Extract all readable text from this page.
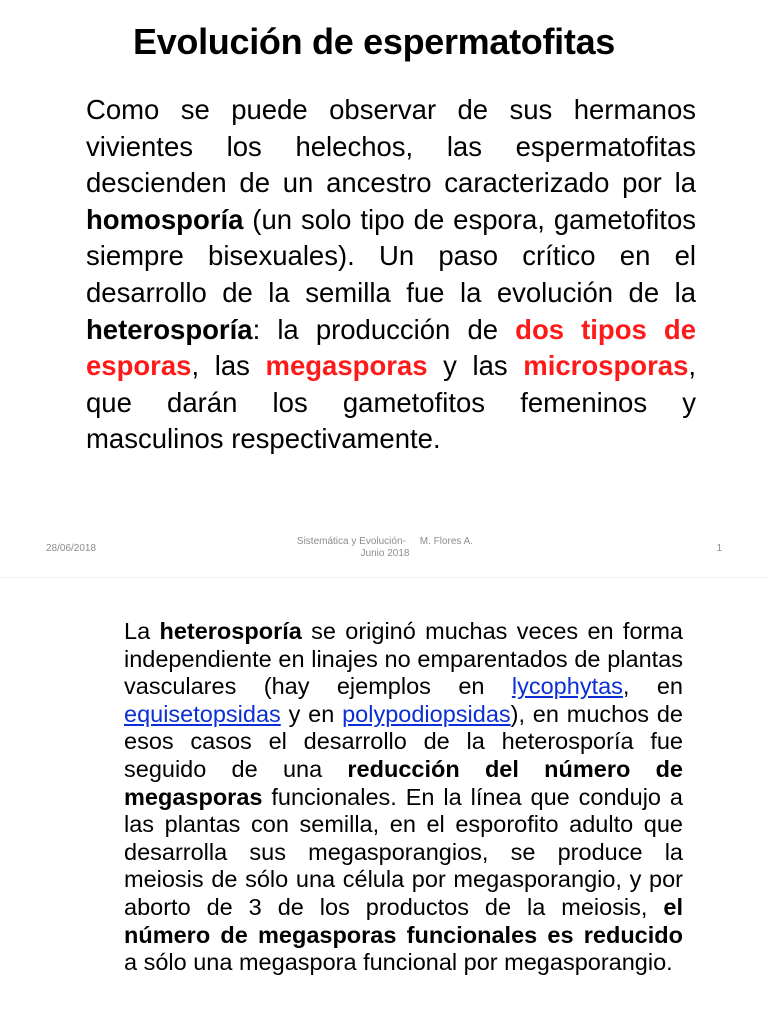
Evolución de espermatofitas

Como se puede observar de sus hermanos vivientes los helechos, las espermatofitas descienden de un ancestro caracterizado por la homosporía (un solo tipo de espora, gametofitos siempre bisexuales). Un paso crítico en el desarrollo de la semilla fue la evolución de la heterosporía: la producción de dos tipos de esporas, las megasporas y las microsporas, que darán los gametofitos femeninos y masculinos respectivamente.

28/06/2018
Sistemática y Evolución-     M. Flores A.
Junio 2018	1

La heterosporía se originó muchas veces en forma independiente en linajes no emparentados de plantas vasculares (hay ejemplos en lycophytas, en equisetopsidas y en polypodiopsidas), en muchos de esos casos el desarrollo de la heterosporía fue seguido de una reducción del número de megasporas funcionales. En la línea que condujo a las plantas con semilla, en el esporofito adulto que desarrolla sus megasporangios, se produce la meiosis de sólo una célula por megasporangio, y por aborto de 3 de los productos de la meiosis, el número de megasporas funcionales es reducido a sólo una megaspora funcional por megasporangio.
